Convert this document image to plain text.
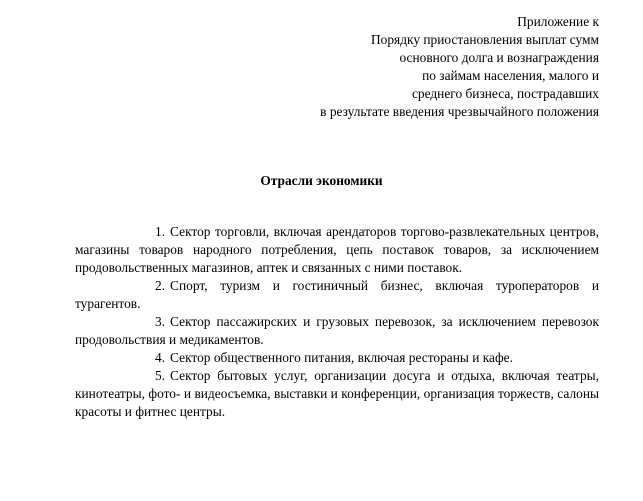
Приложение к
Порядку приостановления выплат сумм
основного долга и вознаграждения
по займам населения, малого и
среднего бизнеса, пострадавших
в результате введения чрезвычайного положения
Отрасли экономики

1. Сектор торговли, включая арендаторов торгово-развлекательных центров, магазины товаров народного потребления, цепь поставок товаров, за исключением продовольственных магазинов, аптек и связанных с ними поставок.

2. Спорт, туризм и гостиничный бизнес, включая туроператоров и турагентов.

3. Сектор пассажирских и грузовых перевозок, за исключением перевозок продовольствия и медикаментов.

4. Сектор общественного питания, включая рестораны и кафе.

5. Сектор бытовых услуг, организации досуга и отдыха, включая театры, кинотеатры, фото- и видеосъемка, выставки и конференции, организация торжеств, салоны красоты и фитнес центры.
